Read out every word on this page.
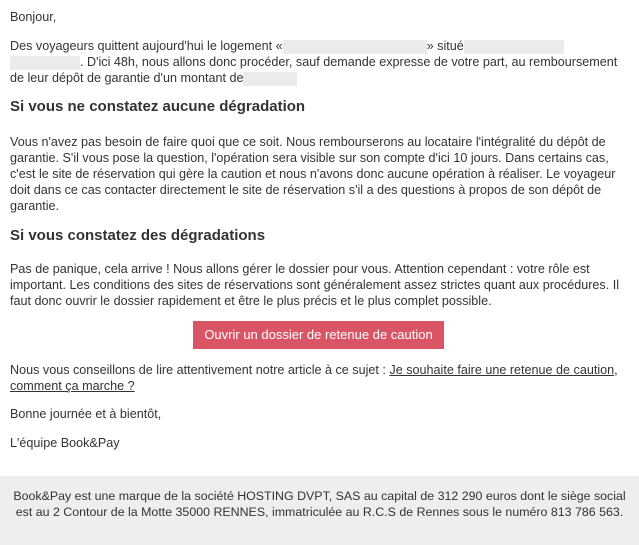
Bonjour,

Des voyageurs quittent aujourd'hui le logement «	» situé . D'ici 48h, nous allons donc procéder, sauf demande expresse de votre part, au remboursement de leur dépôt de garantie d'un montant de

Si vous ne constatez aucune dégradation

Vous n'avez pas besoin de faire quoi que ce soit. Nous rembourserons au locataire l'intégralité du dépôt de garantie. S'il vous pose la question, l'opération sera visible sur son compte d'ici 10 jours. Dans certains cas, c'est le site de réservation qui gère la caution et nous n'avons donc aucune opération à réaliser. Le voyageur doit dans ce cas contacter directement le site de réservation s'il a des questions à propos de son dépôt de garantie.

Si vous constatez des dégradations

Pas de panique, cela arrive ! Nous allons gérer le dossier pour vous. Attention cependant : votre rôle est important. Les conditions des sites de réservations sont généralement assez strictes quant aux procédures. Il faut donc ouvrir le dossier rapidement et être le plus précis et le plus complet possible.

Ouvrir un dossier de retenue de caution

Nous vous conseillons de lire attentivement notre article à ce sujet : Je souhaite faire une retenue de caution, comment ça marche ?

Bonne journée et à bientôt,

L'équipe Book&Pay

Book&Pay est une marque de la société HOSTING DVPT, SAS au capital de 312 290 euros dont le siège social est au 2 Contour de la Motte 35000 RENNES, immatriculée au R.C.S de Rennes sous le numéro 813 786 563.
